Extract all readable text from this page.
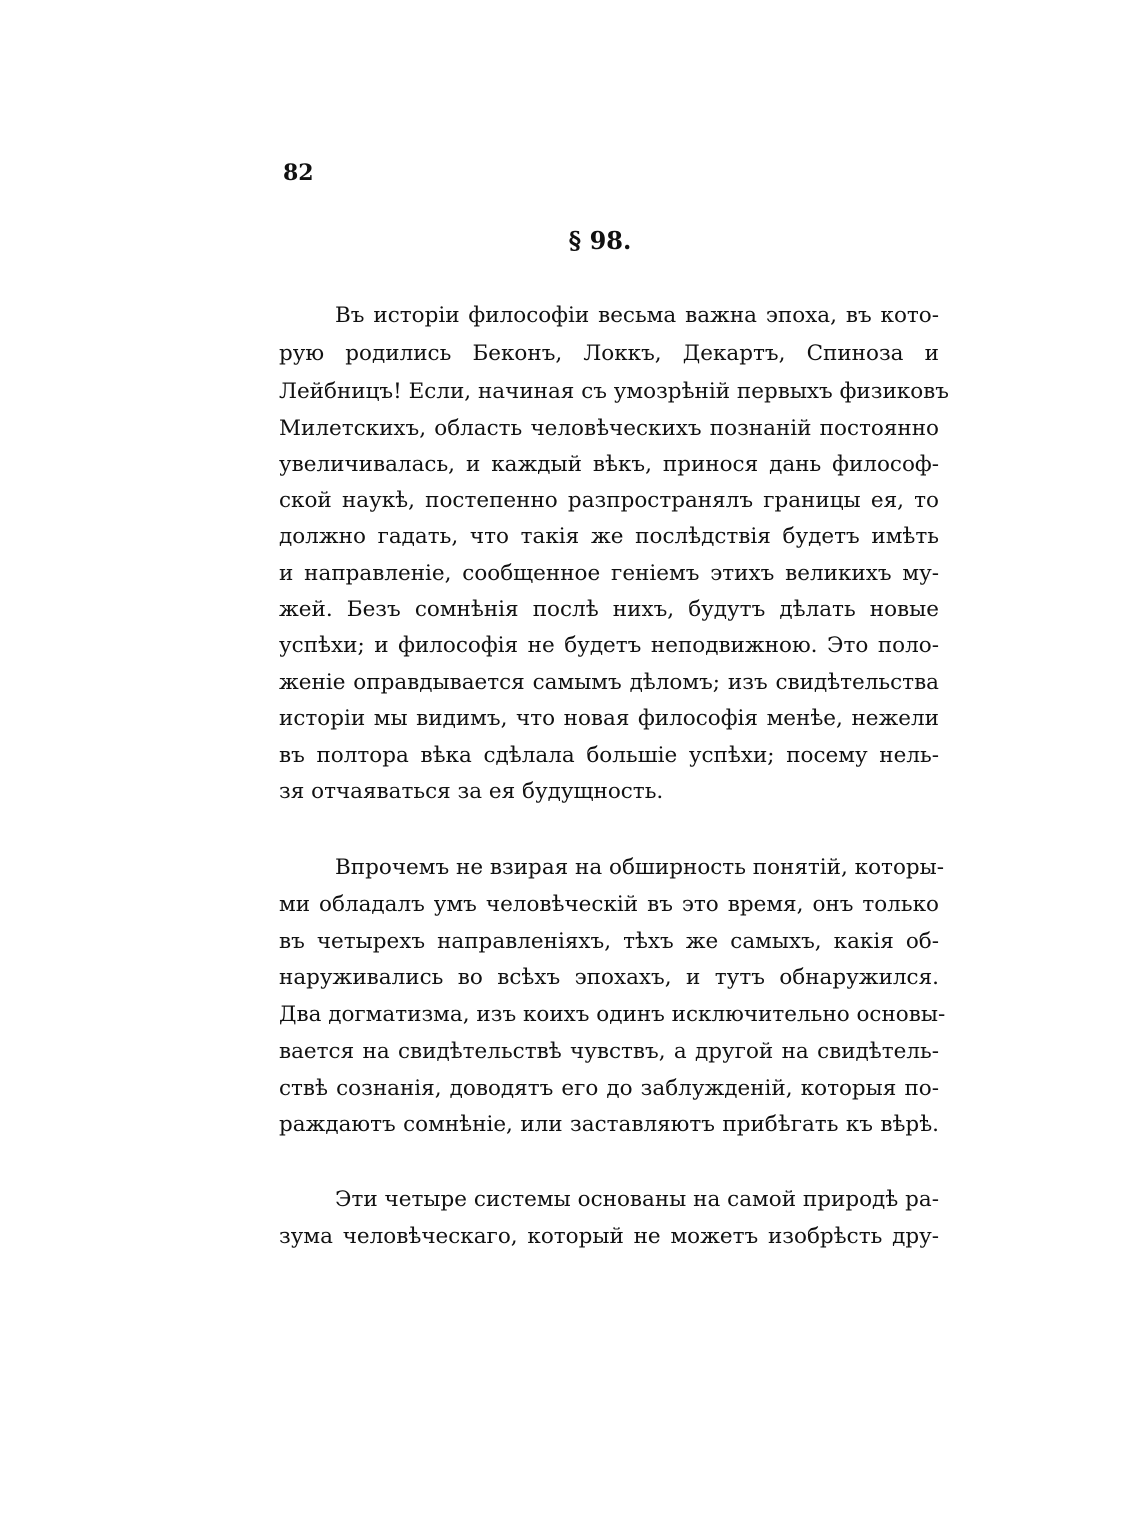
82
§ 98.
Въ исторіи философіи весьма важна эпоха, въ кото-
рую родились Беконъ, Локкъ, Декартъ, Спиноза и
Лейбницъ! Если, начиная съ умозрѣній первыхъ физиковъ
Милетскихъ, область человѣческихъ познаній постоянно
увеличивалась, и каждый вѣкъ, принося дань философ-
ской наукѣ, постепенно разпространялъ границы ея, то
должно гадать, что такія же послѣдствія будетъ имѣть
и направленіе, сообщенное геніемъ этихъ великихъ му-
жей. Безъ сомнѣнія послѣ нихъ, будутъ дѣлать новые
успѣхи; и философія не будетъ неподвижною. Это поло-
женіе оправдывается самымъ дѣломъ; изъ свидѣтельства
исторіи мы видимъ, что новая философія менѣе, нежели
въ полтора вѣка сдѣлала большіе успѣхи; посему нель-
зя отчаяваться за ея будущность.
Впрочемъ не взирая на обширность понятій, которы-
ми обладалъ умъ человѣческій въ это время, онъ только
въ четырехъ направленіяхъ, тѣхъ же самыхъ, какія об-
наруживались во всѣхъ эпохахъ, и тутъ обнаружился.
Два догматизма, изъ коихъ одинъ исключительно основы-
вается на свидѣтельствѣ чувствъ, а другой на свидѣтель-
ствѣ сознанія, доводятъ его до заблужденій, которыя по-
раждаютъ сомнѣніе, или заставляютъ прибѣгать къ вѣрѣ.
Эти четыре системы основаны на самой природѣ ра-
зума человѣческаго, который не можетъ изобрѣсть дру-
